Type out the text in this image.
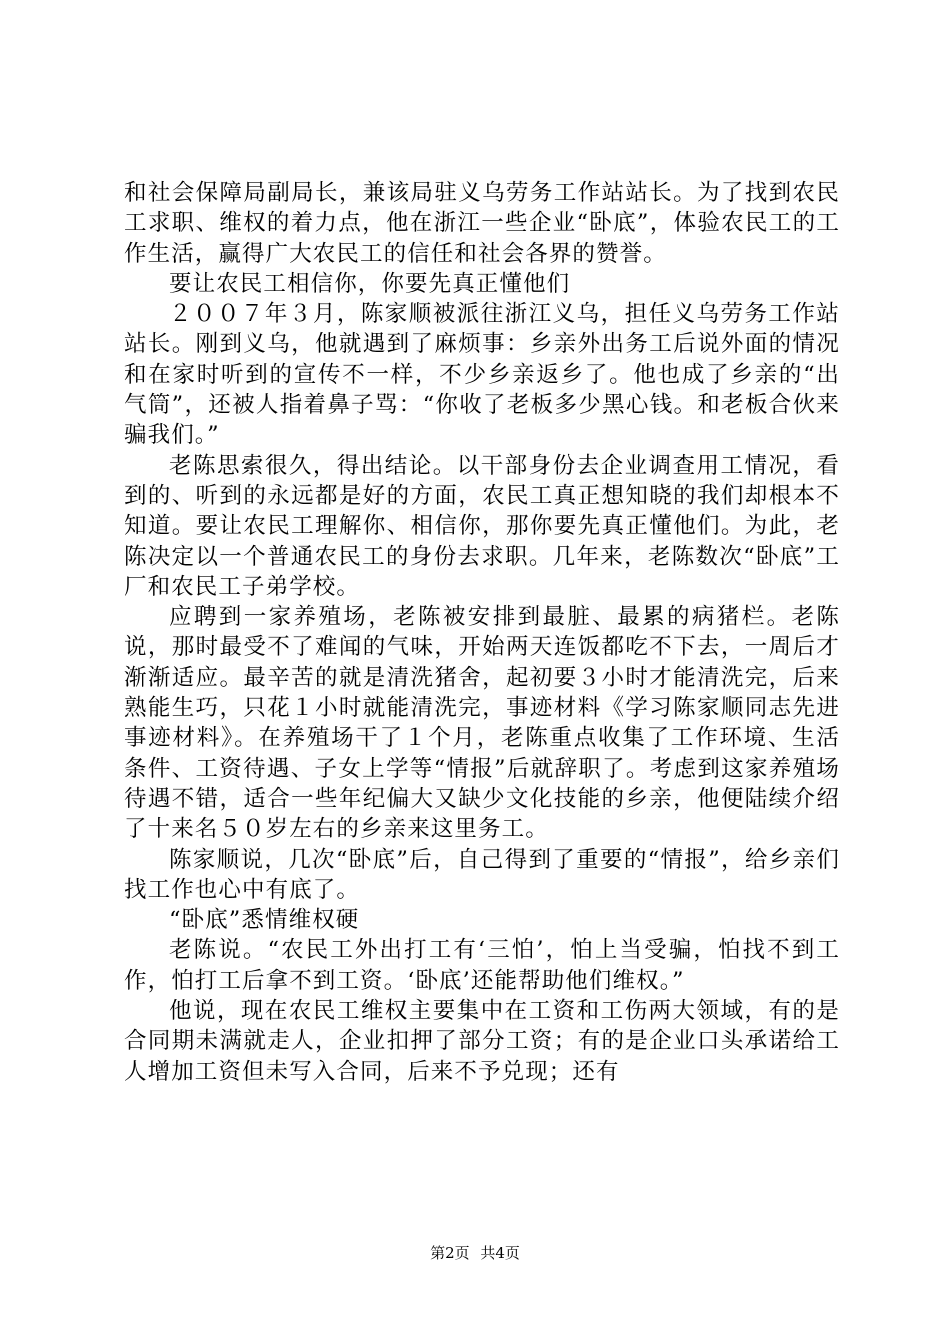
和社会保障局副局长，兼该局驻义乌劳务工作站站长。为了找到农民工求职、维权的着力点，他在浙江一些企业“卧底”，体验农民工的工作生活，赢得广大农民工的信任和社会各界的赞誉。

要让农民工相信你，你要先真正懂他们

２００７年３月，陈家顺被派往浙江义乌，担任义乌劳务工作站站长。刚到义乌，他就遇到了麻烦事：乡亲外出务工后说外面的情况和在家时听到的宣传不一样，不少乡亲返乡了。他也成了乡亲的“出气筒”，还被人指着鼻子骂：“你收了老板多少黑心钱。和老板合伙来骗我们。”

老陈思索很久，得出结论。以干部身份去企业调查用工情况，看到的、听到的永远都是好的方面，农民工真正想知晓的我们却根本不知道。要让农民工理解你、相信你，那你要先真正懂他们。为此，老陈决定以一个普通农民工的身份去求职。几年来，老陈数次“卧底”工厂和农民工子弟学校。

应聘到一家养殖场，老陈被安排到最脏、最累的病猪栏。老陈说，那时最受不了难闻的气味，开始两天连饭都吃不下去，一周后才渐渐适应。最辛苦的就是清洗猪舍，起初要３小时才能清洗完，后来熟能生巧，只花１小时就能清洗完，事迹材料《学习陈家顺同志先进事迹材料》。在养殖场干了１个月，老陈重点收集了工作环境、生活条件、工资待遇、子女上学等“情报”后就辞职了。考虑到这家养殖场待遇不错，适合一些年纪偏大又缺少文化技能的乡亲，他便陆续介绍了十来名５０岁左右的乡亲来这里务工。

陈家顺说，几次“卧底”后，自己得到了重要的“情报”，给乡亲们找工作也心中有底了。

“卧底”悉情维权硬

老陈说。“农民工外出打工有‘三怕’，怕上当受骗，怕找不到工作，怕打工后拿不到工资。‘卧底’还能帮助他们维权。”

他说，现在农民工维权主要集中在工资和工伤两大领域，有的是合同期未满就走人，企业扣押了部分工资；有的是企业口头承诺给工人增加工资但未写入合同，后来不予兑现；还有

第2页 共4页
